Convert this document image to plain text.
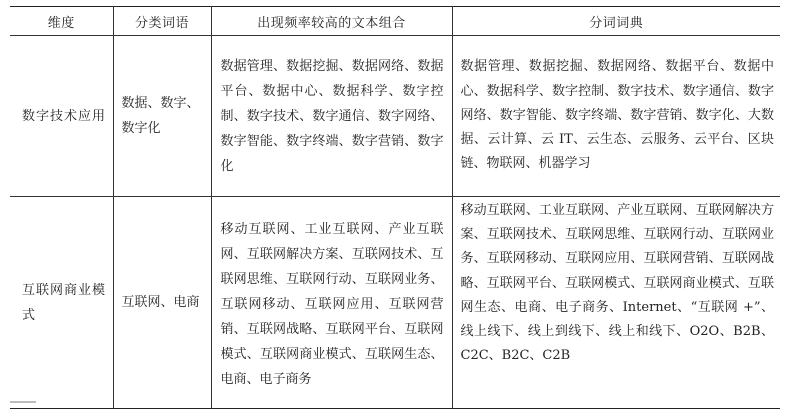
维度	分类词语	出现频率较高的文本组合	分词词典
数字技术应用	数据、数字、数字化	数据管理、数据挖掘、数据网络、数据平台、数据中心、数据科学、数字控制、数字技术、数字通信、数字网络、数字智能、数字终端、数字营销、数字化	数据管理、数据挖掘、数据网络、数据平台、数据中心、数据科学、数字控制、数字技术、数字通信、数字网络、数字智能、数字终端、数字营销、数字化、大数据、云计算、云 IT、云生态、云服务、云平台、区块链、物联网、机器学习
互联网商业模式	互联网、电商	移动互联网、工业互联网、产业互联网、互联网解决方案、互联网技术、互联网思维、互联网行动、互联网业务、互联网移动、互联网应用、互联网营销、互联网战略、互联网平台、互联网模式、互联网商业模式、互联网生态、电商、电子商务	移动互联网、工业互联网、产业互联网、互联网解决方案、互联网技术、互联网思维、互联网行动、互联网业务、互联网移动、互联网应用、互联网营销、互联网战略、互联网平台、互联网模式、互联网商业模式、互联网生态、电商、电子商务、Internet、“互联网 +”、线上线下、线上到线下、线上和线下、O2O、B2B、C2C、B2C、C2B
